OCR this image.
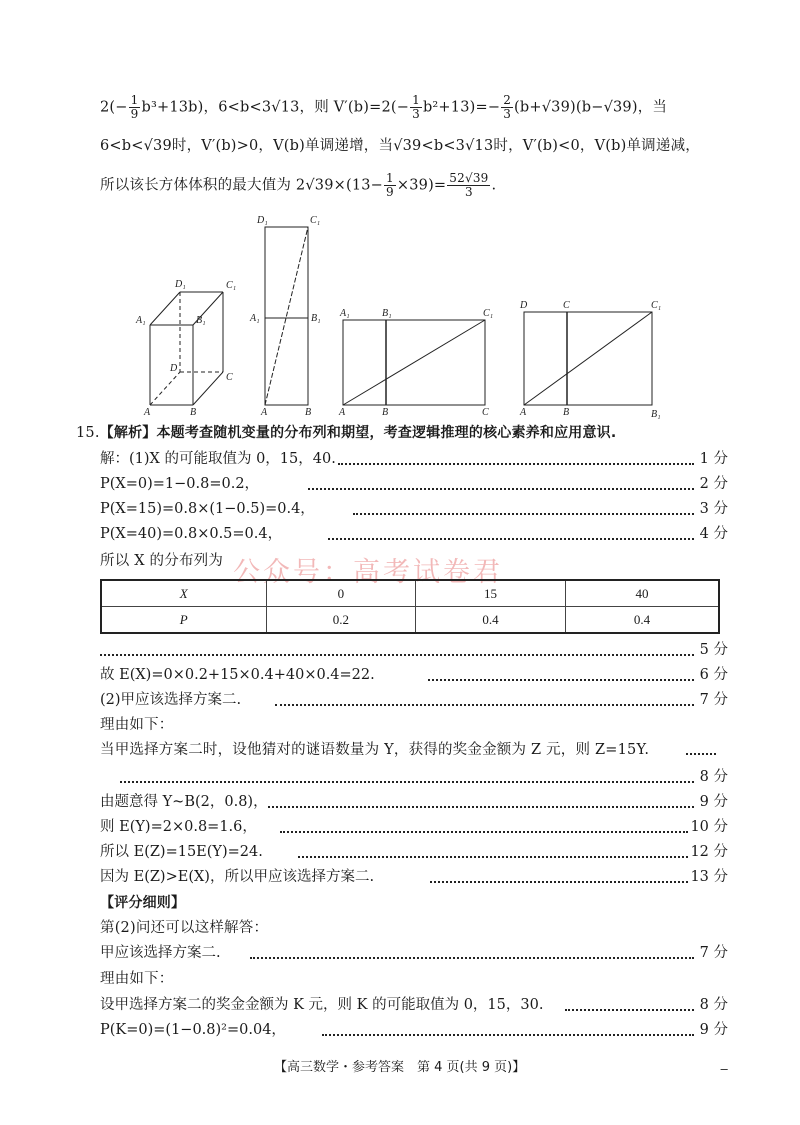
$2(- \frac{1}{9} b^3+13b)$，6<b<3√13，则 $V'(b)=2(- \frac{1}{3} b^2+13)=- \frac{2}{3} (b+√39)(b-√39)$，当
6<b<√39时，V′(b)>0，V(b)单调递增，当√39<b<3√13时，V′(b)<0，V(b)单调递减，
所以该长方体体积的最大值为 $2√39\times(13- \frac{1}{9} \times 39)= \frac{52√39}{3}$ .
D₁	C₁
A₁	B₁
D
C
A	B
D₁	C₁
A₁	B₁
A	B
A₁	B₁	C₁
A	B	C
D	C	C₁
A	B	B₁
15.【解析】本题考查随机变量的分布列和期望，考查逻辑推理的核心素养和应用意识.
解：(1)X 的可能取值为 0，15，40.	1 分
P(X=0)=1−0.8=0.2，	2 分
P(X=15)=0.8×(1−0.5)=0.4，	3 分
P(X=40)=0.8×0.5=0.4，	4 分
所以 X 的分布列为 公众号：高考试卷君
X	0	15	40
P	0.2	0.4	0.4
5 分
故 E(X)=0×0.2+15×0.4+40×0.4=22.	6 分
(2)甲应该选择方案二.	7 分
理由如下：
当甲选择方案二时，设他猜对的谜语数量为 Y，获得的奖金金额为 Z 元，则 Z=15Y.
8 分
由题意得 Y~B(2，0.8)，	9 分
则 E(Y)=2×0.8=1.6，	10 分
所以 E(Z)=15E(Y)=24.	12 分
因为 E(Z)>E(X)，所以甲应该选择方案二.	13 分
【评分细则】
第(2)问还可以这样解答：
甲应该选择方案二.	7 分
理由如下：
设甲选择方案二的奖金金额为 K 元，则 K 的可能取值为 0，15，30.	8 分
P(K=0)=(1−0.8)²=0.04，	9 分
【高三数学・参考答案　第 4 页(共 9 页)】	‒
